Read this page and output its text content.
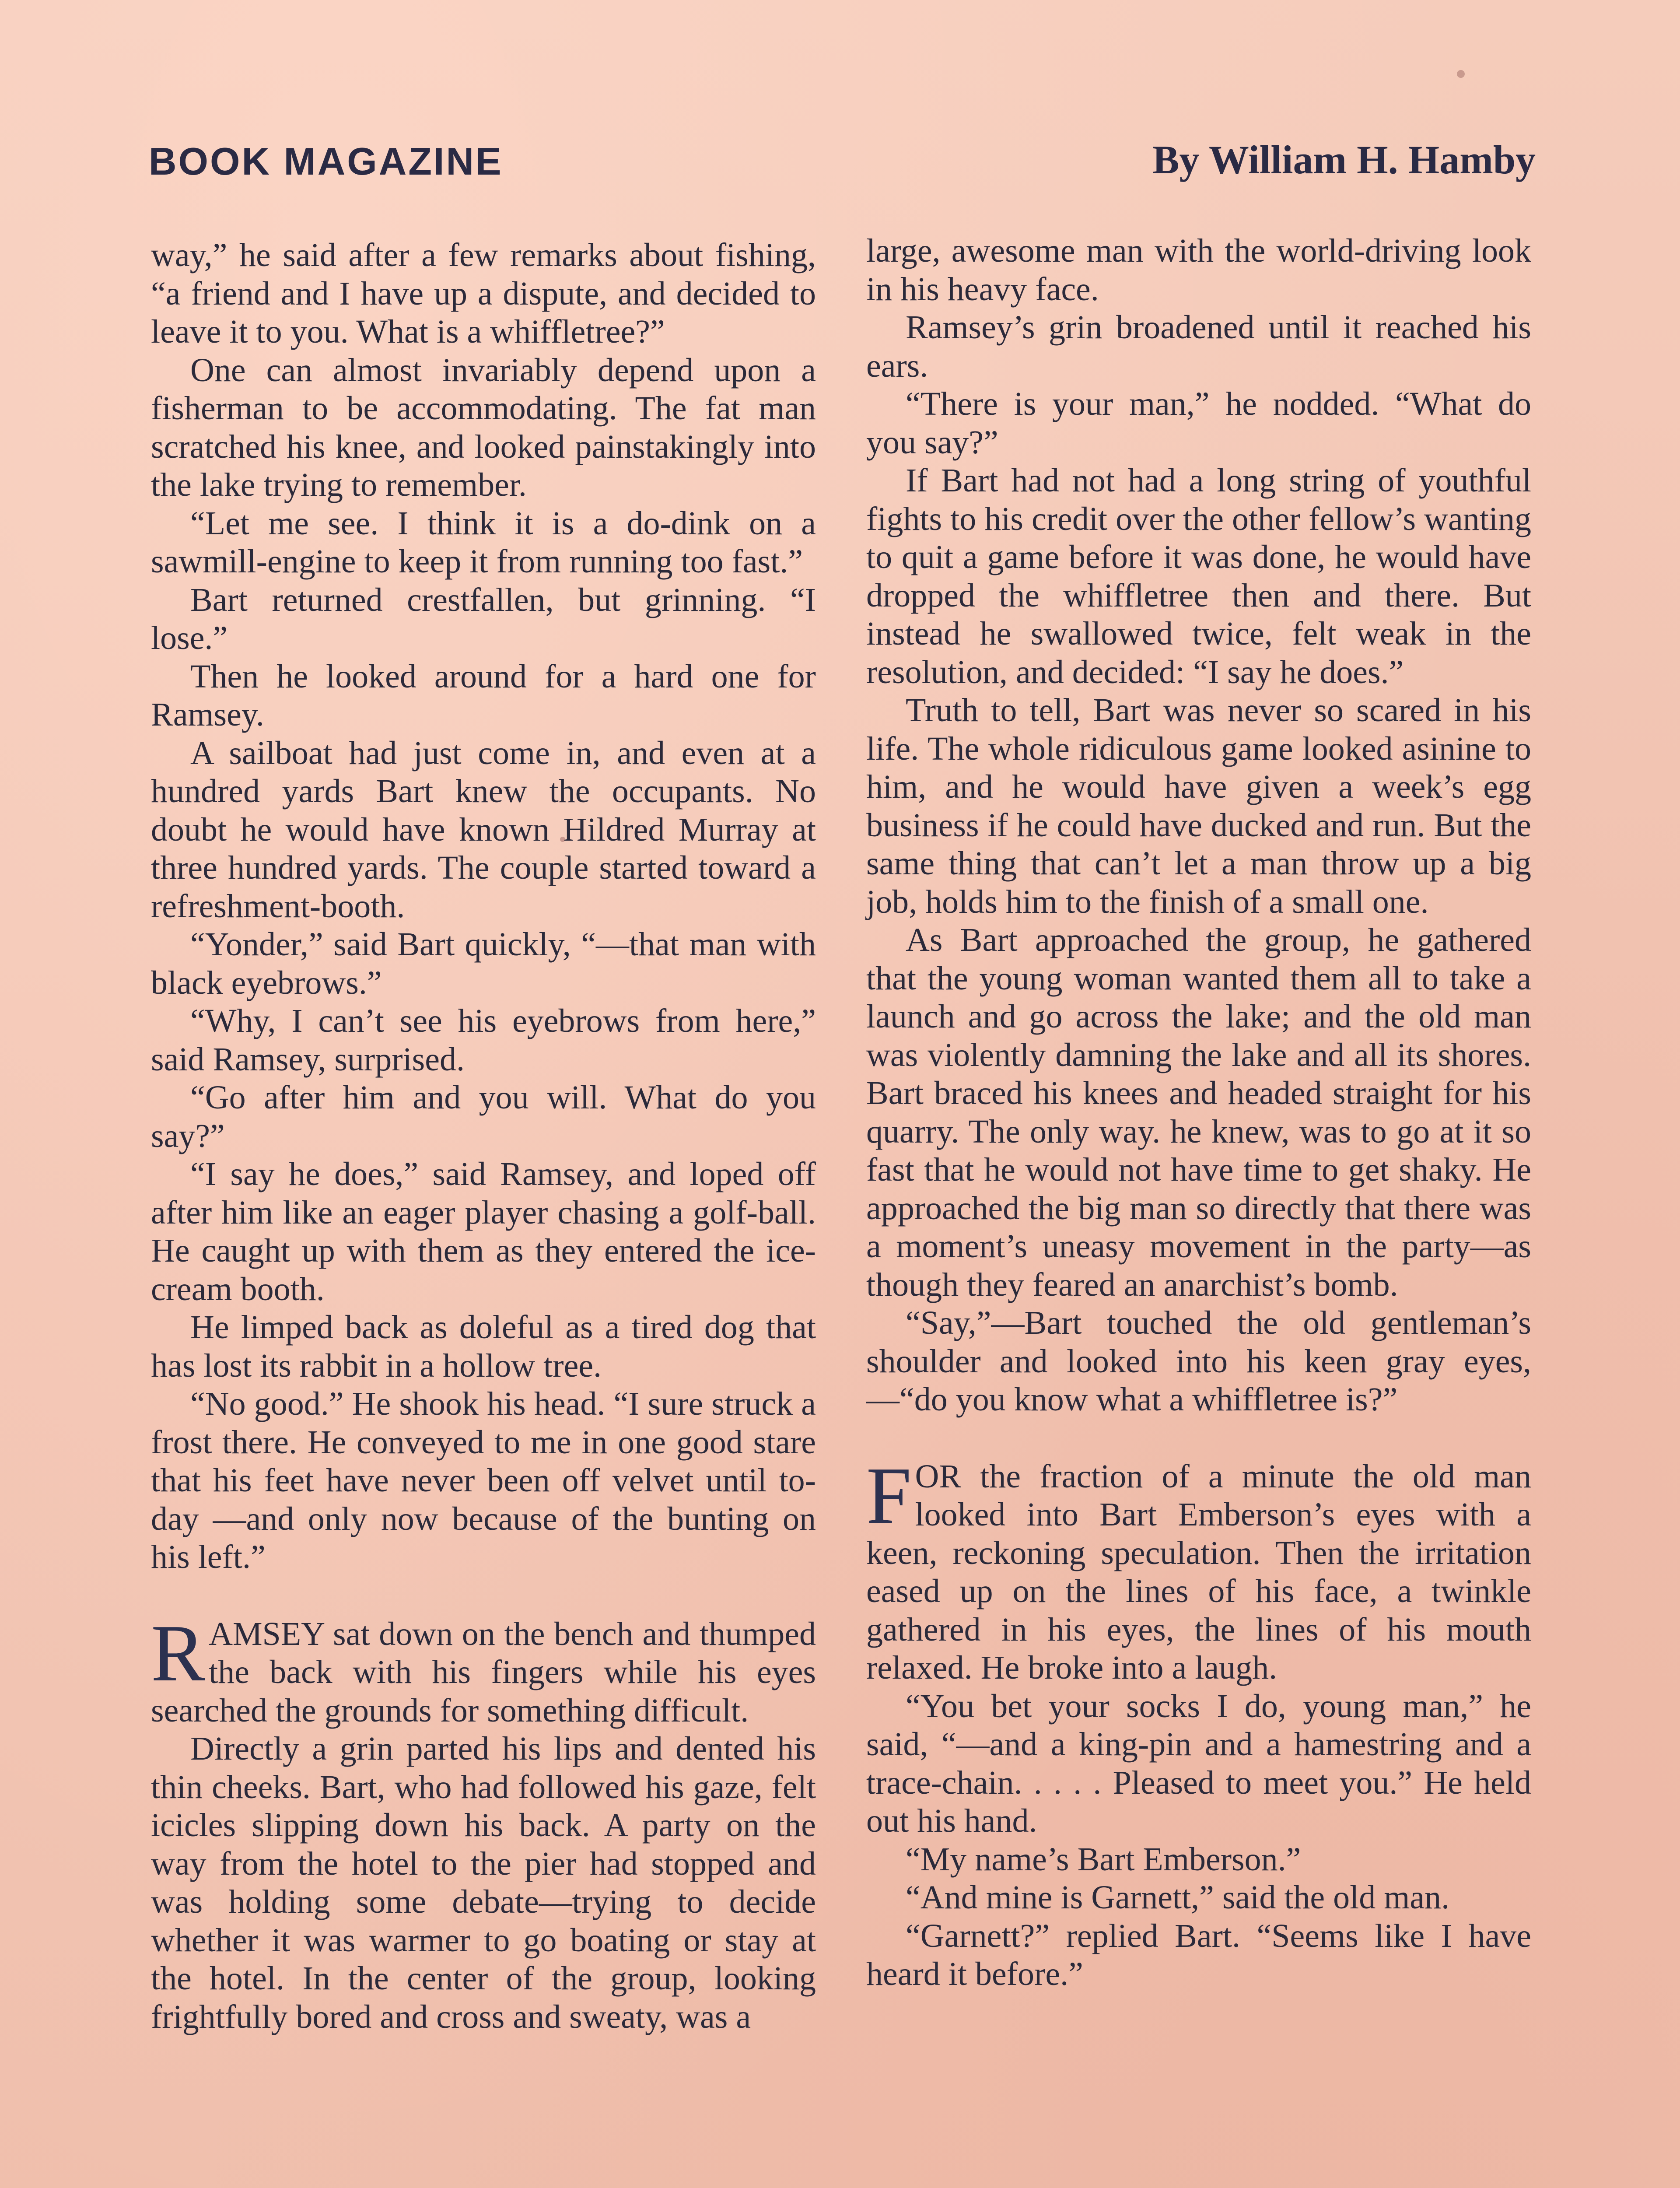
BOOK MAGAZINE	By William H. Hamby

way,” he said after a few remarks about fishing, “a friend and I have up a dispute, and decided to leave it to you. What is a whiffletree?”

One can almost invariably depend upon a fisherman to be accommodating. The fat man scratched his knee, and looked painstakingly into the lake trying to remember.

“Let me see. I think it is a do-dink on a sawmill-engine to keep it from running too fast.”

Bart returned crestfallen, but grinning. “I lose.”

Then he looked around for a hard one for Ramsey.

A sailboat had just come in, and even at a hundred yards Bart knew the occupants. No doubt he would have known Hildred Murray at three hundred yards. The couple started toward a refreshment-booth.

“Yonder,” said Bart quickly, “—that man with black eyebrows.”

“Why, I can’t see his eyebrows from here,” said Ramsey, surprised.

“Go after him and you will. What do you say?”

“I say he does,” said Ramsey, and loped off after him like an eager player chasing a golf-ball. He caught up with them as they entered the ice-cream booth.

He limped back as doleful as a tired dog that has lost its rabbit in a hollow tree.

“No good.” He shook his head. “I sure struck a frost there. He conveyed to me in one good stare that his feet have never been off velvet until to-day —and only now because of the bunting on his left.”

RAMSEY sat down on the bench and thumped the back with his fingers while his eyes searched the grounds for something difficult.

Directly a grin parted his lips and dented his thin cheeks. Bart, who had followed his gaze, felt icicles slipping down his back. A party on the way from the hotel to the pier had stopped and was holding some debate—trying to decide whether it was warmer to go boating or stay at the hotel. In the center of the group, looking frightfully bored and cross and sweaty, was a

large, awesome man with the world-driving look in his heavy face.

Ramsey’s grin broadened until it reached his ears.

“There is your man,” he nodded. “What do you say?”

If Bart had not had a long string of youthful fights to his credit over the other fellow’s wanting to quit a game before it was done, he would have dropped the whiffletree then and there. But instead he swallowed twice, felt weak in the resolution, and decided: “I say he does.”

Truth to tell, Bart was never so scared in his life. The whole ridiculous game looked asinine to him, and he would have given a week’s egg business if he could have ducked and run. But the same thing that can’t let a man throw up a big job, holds him to the finish of a small one.

As Bart approached the group, he gathered that the young woman wanted them all to take a launch and go across the lake; and the old man was violently damning the lake and all its shores. Bart braced his knees and headed straight for his quarry. The only way. he knew, was to go at it so fast that he would not have time to get shaky. He approached the big man so directly that there was a moment’s uneasy movement in the party—as though they feared an anarchist’s bomb.

“Say,”—Bart touched the old gentleman’s shoulder and looked into his keen gray eyes,—“do you know what a whiffletree is?”

FOR the fraction of a minute the old man looked into Bart Emberson’s eyes with a keen, reckoning speculation. Then the irritation eased up on the lines of his face, a twinkle gathered in his eyes, the lines of his mouth relaxed. He broke into a laugh.

“You bet your socks I do, young man,” he said, “—and a king-pin and a hamestring and a trace-chain. . . . . Pleased to meet you.” He held out his hand.

“My name’s Bart Emberson.”

“And mine is Garnett,” said the old man.

“Garnett?” replied Bart. “Seems like I have heard it before.”
